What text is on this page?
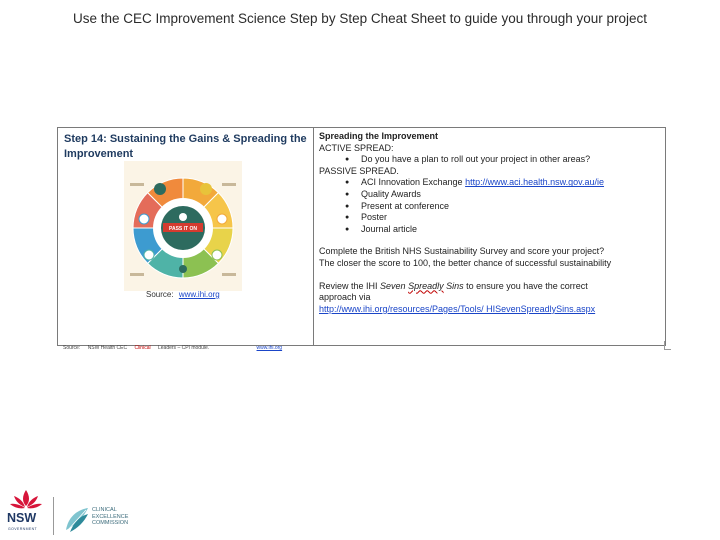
Use the CEC Improvement Science Step by Step Cheat Sheet to guide you through your project
Step 14: Sustaining the Gains & Spreading the Improvement
PASS IT ON
Source: www.ihi.org
Spreading the Improvement
ACTIVE SPREAD:
● Do you have a plan to roll out your project in other areas?
PASSIVE SPREAD.
● ACI Innovation Exchange http://www.aci.health.nsw.gov.au/ie
● Quality Awards
● Present at conference
● Poster
● Journal article
Complete the British NHS Sustainability Survey and score your project?
The closer the score to 100, the better chance of successful sustainability
Review the IHI Seven Spreadly Sins to ensure you have the correct
approach via
http://www.ihi.org/resources/Pages/Tools/ HISevenSpreadlySins.aspx
Source: NSW Health CEC Clinical Leaders – CPI module.	www.ihi.org
NSW
GOVERNMENT
CLINICAL
EXCELLENCE
COMMISSION
